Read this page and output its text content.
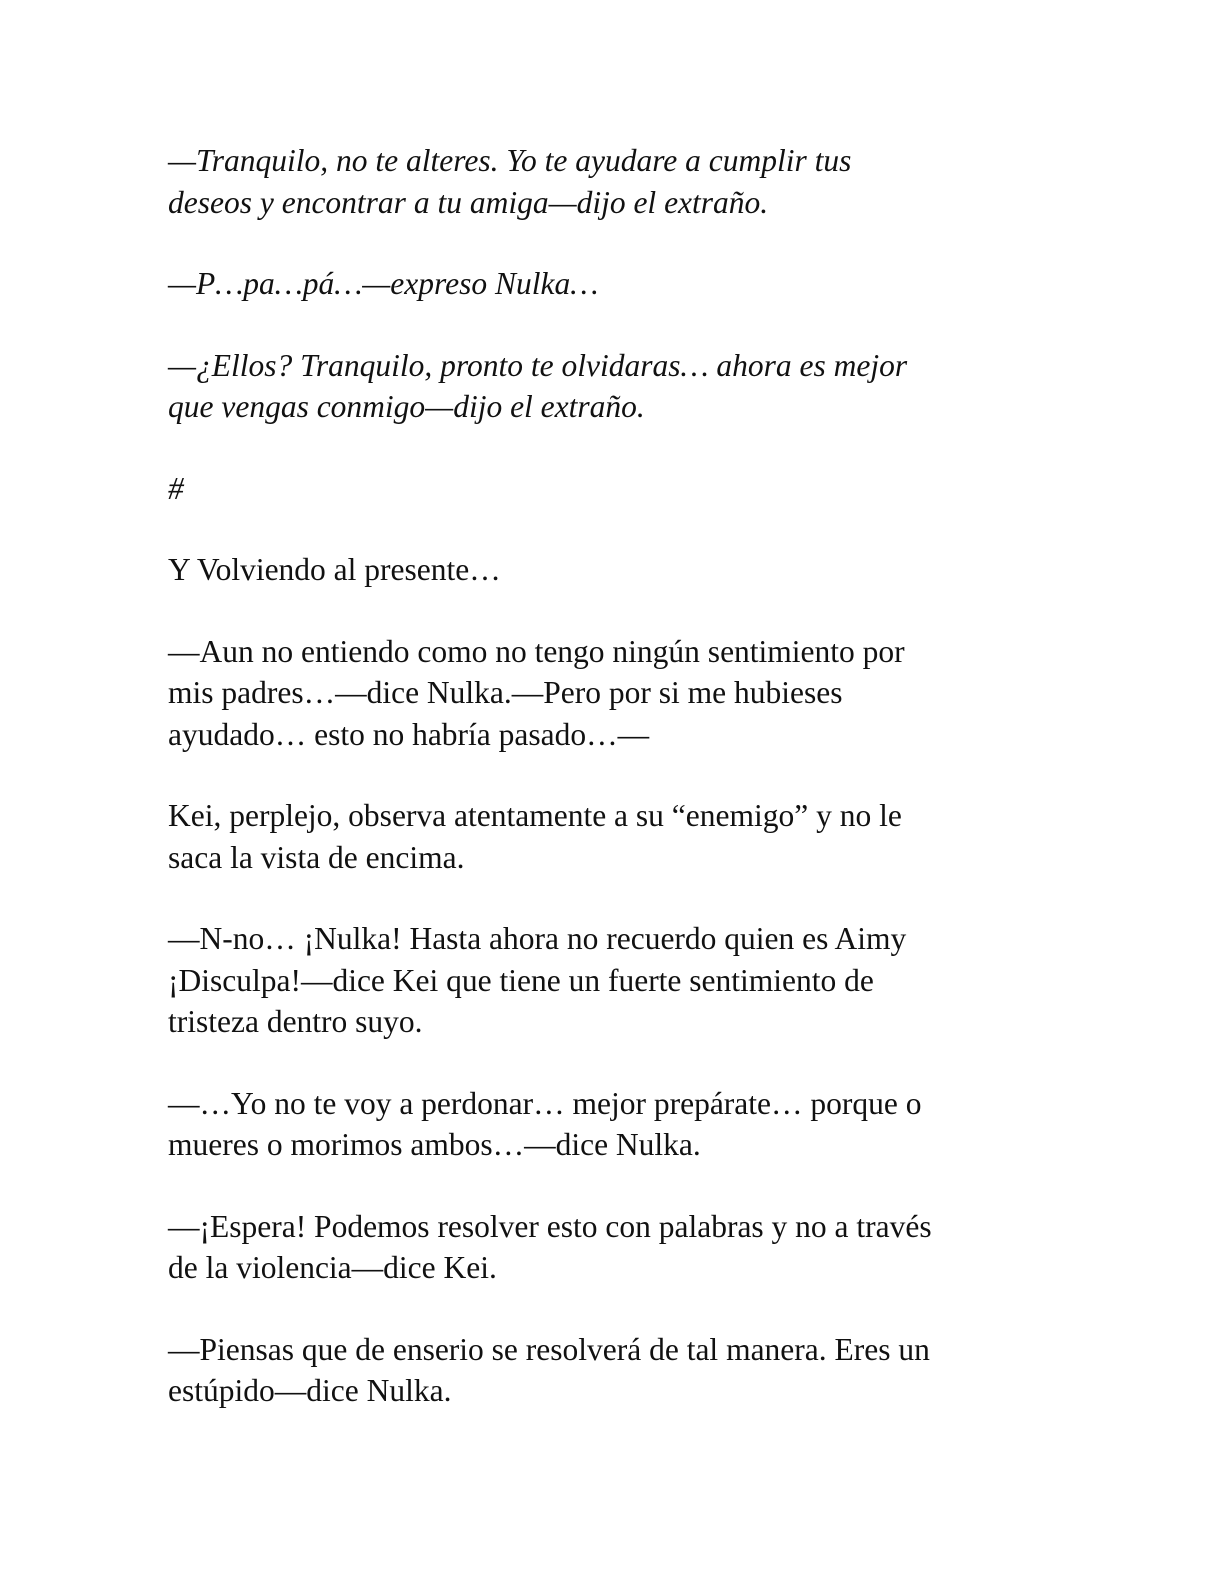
—Tranquilo, no te alteres. Yo te ayudare a cumplir tus
deseos y encontrar a tu amiga—dijo el extraño.

—P…pa…pá…—expreso Nulka…

—¿Ellos? Tranquilo, pronto te olvidaras… ahora es mejor
que vengas conmigo—dijo el extraño.

#

Y Volviendo al presente…

—Aun no entiendo como no tengo ningún sentimiento por
mis padres…—dice Nulka.—Pero por si me hubieses
ayudado… esto no habría pasado…—

Kei, perplejo, observa atentamente a su “enemigo” y no le
saca la vista de encima.

—N-no… ¡Nulka! Hasta ahora no recuerdo quien es Aimy
¡Disculpa!—dice Kei que tiene un fuerte sentimiento de
tristeza dentro suyo.

—…Yo no te voy a perdonar… mejor prepárate… porque o
mueres o morimos ambos…—dice Nulka.

—¡Espera! Podemos resolver esto con palabras y no a través
de la violencia—dice Kei.

—Piensas que de enserio se resolverá de tal manera. Eres un
estúpido—dice Nulka.
